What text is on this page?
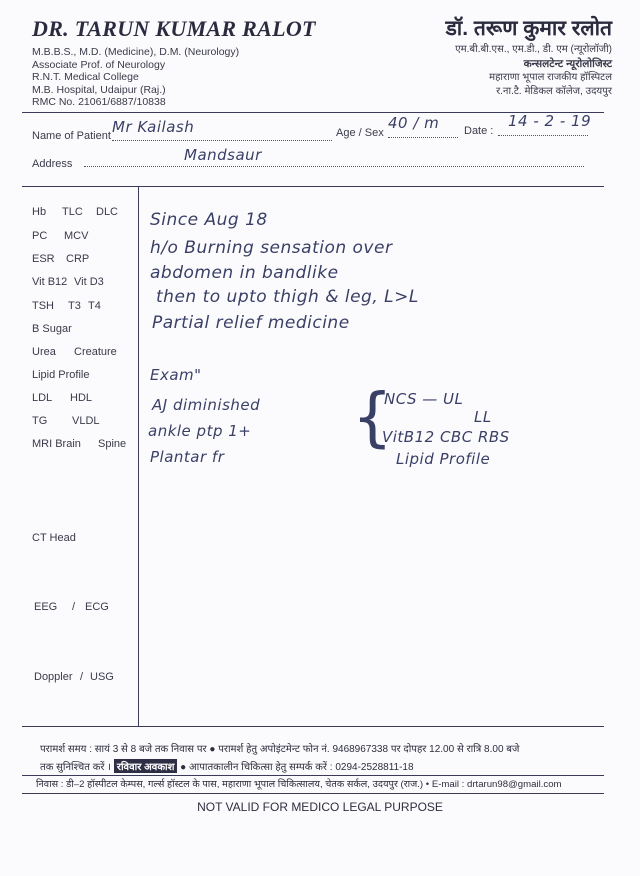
DR. TARUN KUMAR RALOT
M.B.B.S., M.D. (Medicine), D.M. (Neurology)
Associate Prof. of Neurology
R.N.T. Medical College
M.B. Hospital, Udaipur (Raj.)
RMC No. 21061/6887/10838
डॉ. तरूण कुमार रलोत
एम.बी.बी.एस., एम.डी., डी. एम (न्यूरोलॉजी)
कन्सलटेन्ट न्यूरोलोजिस्ट
महाराणा भूपाल राजकीय हॉस्पिटल
र.ना.टै. मेडिकल कॉलेज, उदयपुर
Name of Patient Mr Kailash	Age / Sex
40 / m Date :
14 - 2 - 19
Address	Mandsaur
Hb TLC DLC
PC MCV
ESR CRP
Vit B12 Vit D3
TSH T3 T4
B Sugar
Urea Creature
Lipid Profile
LDL HDL
TG VLDL
MRI Brain Spine
CT Head
EEG / ECG
Doppler / USG
Since Aug 18
h/o Burning sensation over
abdomen in bandlike
then to upto thigh & leg, L>L
Partial relief medicine
Exam"
AJ diminished
ankle ptp 1+
Plantar fr
{
NCS — UL
LL
VitB12 CBC RBS
Lipid Profile
परामर्श समय : सायं 3 से 8 बजे तक निवास पर ● परामर्श हेतु अपोइंटमेन्ट फोन नं. 9468967338 पर दोपहर 12.00 से रात्रि 8.00 बजे
तक सुनिश्चित करें । रविवार अवकाश ● आपातकालीन चिकित्सा हेतु सम्पर्क करें : 0294-2528811-18
निवास : डी–2 हॉस्पीटल केम्पस, गर्ल्स हॉस्टल के पास, महाराणा भूपाल चिकित्सालय, चेतक सर्कल, उदयपुर (राज.) • E-mail : drtarun98@gmail.com
NOT VALID FOR MEDICO LEGAL PURPOSE
